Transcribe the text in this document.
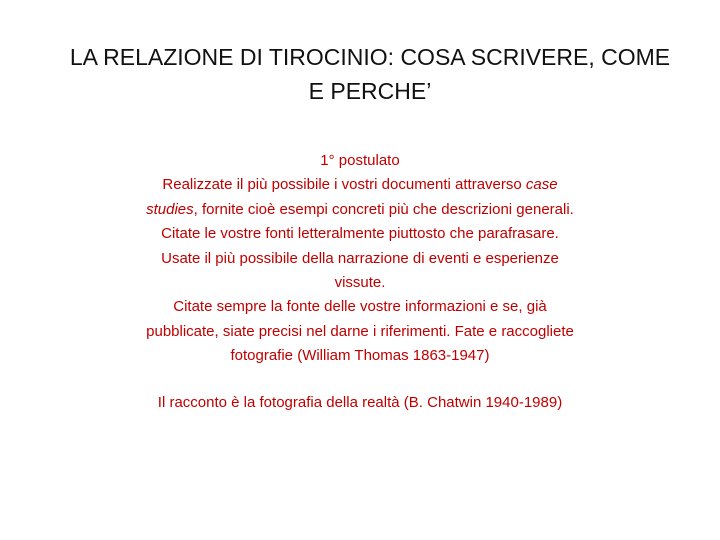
LA RELAZIONE DI TIROCINIO: COSA SCRIVERE, COME
E PERCHE’

1° postulato

Realizzate il più possibile i vostri documenti attraverso case

studies, fornite cioè esempi concreti più che descrizioni generali.

Citate le vostre fonti letteralmente piuttosto che parafrasare.

Usate il più possibile della narrazione di eventi e esperienze

vissute.

Citate sempre la fonte delle vostre informazioni e se, già

pubblicate, siate precisi nel darne i riferimenti. Fate e raccogliete

fotografie (William Thomas 1863-1947)

Il racconto è la fotografia della realtà (B. Chatwin 1940-1989)
